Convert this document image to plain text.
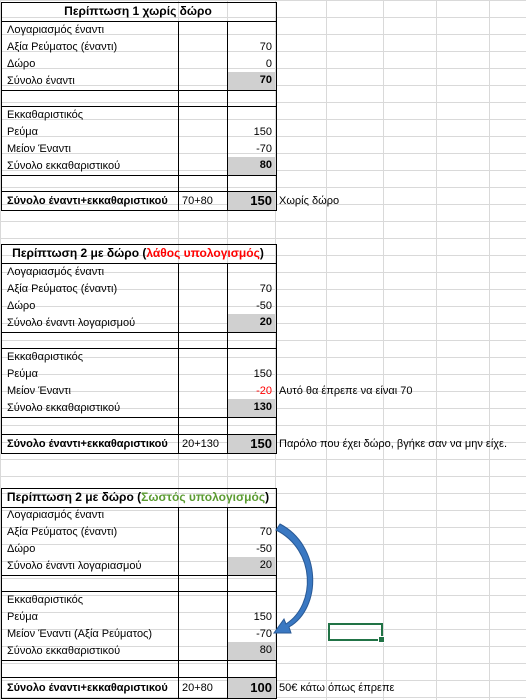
Περίπτωση 1 χωρίς δώρο
Λογαριασμός έναντι
Αξία Ρεύματος (έναντι)	70
Δώρο	0
Σύνολο έναντι	70
Εκκαθαριστικός
Ρεύμα	150
Μείον Έναντι	-70
Σύνολο εκκαθαριστικού	80
Σύνολο έναντι+εκκαθαριστικού	70+80	150 Χωρίς δώρο
Περίπτωση 2 με δώρο (λάθος υπολογισμός)
Λογαριασμός έναντι
Αξία Ρεύματος (έναντι)	70
Δώρο	-50
Σύνολο έναντι λογαρισμού	20
Εκκαθαριστικός
Ρεύμα	150
Μείον Έναντι	-20 Αυτό θα έπρεπε να είναι 70
Σύνολο εκκαθαριστικού	130
Σύνολο έναντι+εκκαθαριστικού	20+130	150 Παρόλο που έχει δώρο, βγήκε σαν να μην είχε.
Περίπτωση 2 με δώρο (Σωστός υπολογισμός)
Λογαριασμός έναντι
Αξία Ρεύματος (έναντι)	70
Δώρο	-50
Σύνολο έναντι λογαριασμού	20
Εκκαθαριστικός
Ρεύμα	150
Μείον Έναντι (Αξία Ρεύματος)	-70
Σύνολο εκκαθαριστικού	80
Σύνολο έναντι+εκκαθαριστικού	20+80	100 50€ κάτω όπως έπρεπε
